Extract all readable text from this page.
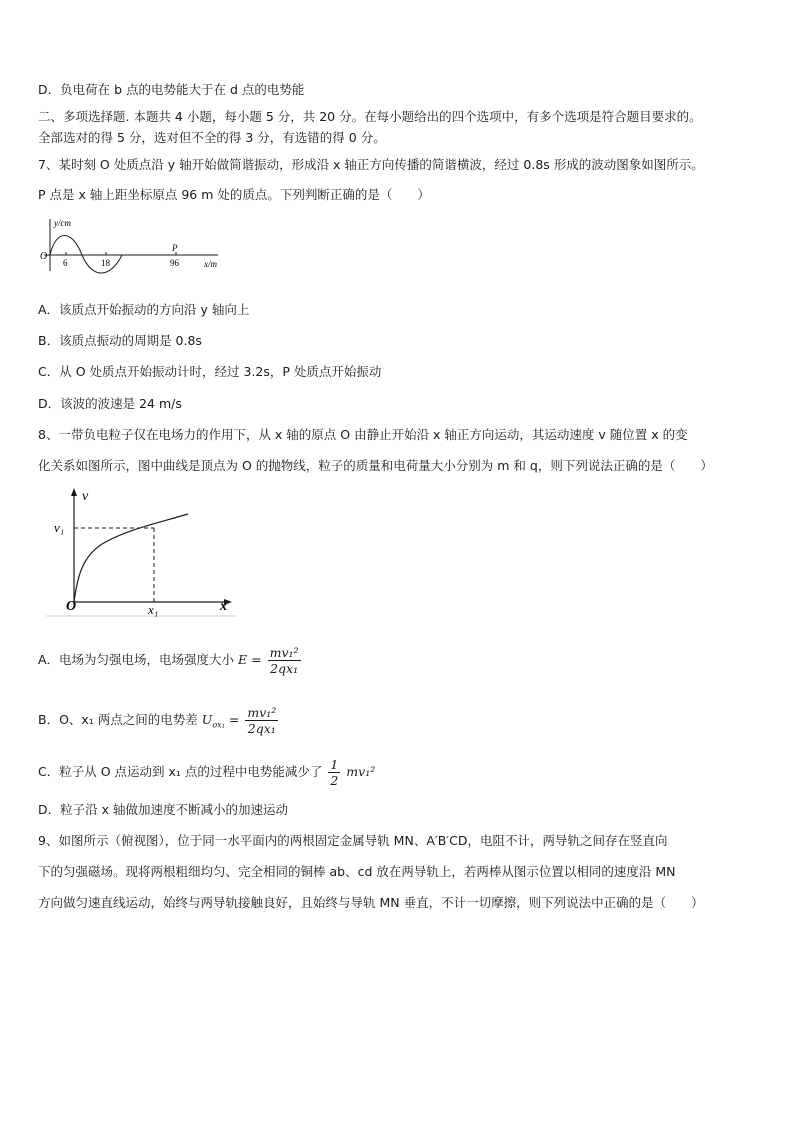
D．负电荷在 b 点的电势能大于在 d 点的电势能
二、多项选择题. 本题共 4 小题，每小题 5 分，共 20 分。在每小题给出的四个选项中，有多个选项是符合题目要求的。
全部选对的得 5 分，选对但不全的得 3 分，有选错的得 0 分。
7、某时刻 O 处质点沿 y 轴开始做简谐振动，形成沿 x 轴正方向传播的简谐横波，经过 0.8s 形成的波动图象如图所示。
P 点是 x 轴上距坐标原点 96 m 处的质点。下列判断正确的是（　　）
y/cm
x/m
O
6	18	96
P
A．该质点开始振动的方向沿 y 轴向上
B．该质点振动的周期是 0.8s
C．从 O 处质点开始振动计时，经过 3.2s，P 处质点开始振动
D．该波的波速是 24 m/s
8、一带负电粒子仅在电场力的作用下，从 x 轴的原点 O 由静止开始沿 x 轴正方向运动，其运动速度 v 随位置 x 的变
化关系如图所示，图中曲线是顶点为 O 的抛物线，粒子的质量和电荷量大小分别为 m 和 q，则下列说法正确的是（　　）
v
x
O
v₁
x₁
A．电场为匀强电场，电场强度大小 $E = \frac{\text{mv₁²}}{\text{2qx₁}}$
B．O、x₁ 两点之间的电势差 $U_{ox_1} = \frac{\text{mv₁²}}{\text{2qx₁}}$
C．粒子从 O 点运动到 x₁ 点的过程中电势能减少了 $\frac{1}{2} mv_1^2$
D．粒子沿 x 轴做加速度不断减小的加速运动
9、如图所示（俯视图），位于同一水平面内的两根固定金属导轨 MN、A′B′CD，电阻不计，两导轨之间存在竖直向
下的匀强磁场。现将两根粗细均匀、完全相同的铜棒 ab、cd 放在两导轨上，若两棒从图示位置以相同的速度沿 MN
方向做匀速直线运动，始终与两导轨接触良好，且始终与导轨 MN 垂直，不计一切摩擦，则下列说法中正确的是（　　）
